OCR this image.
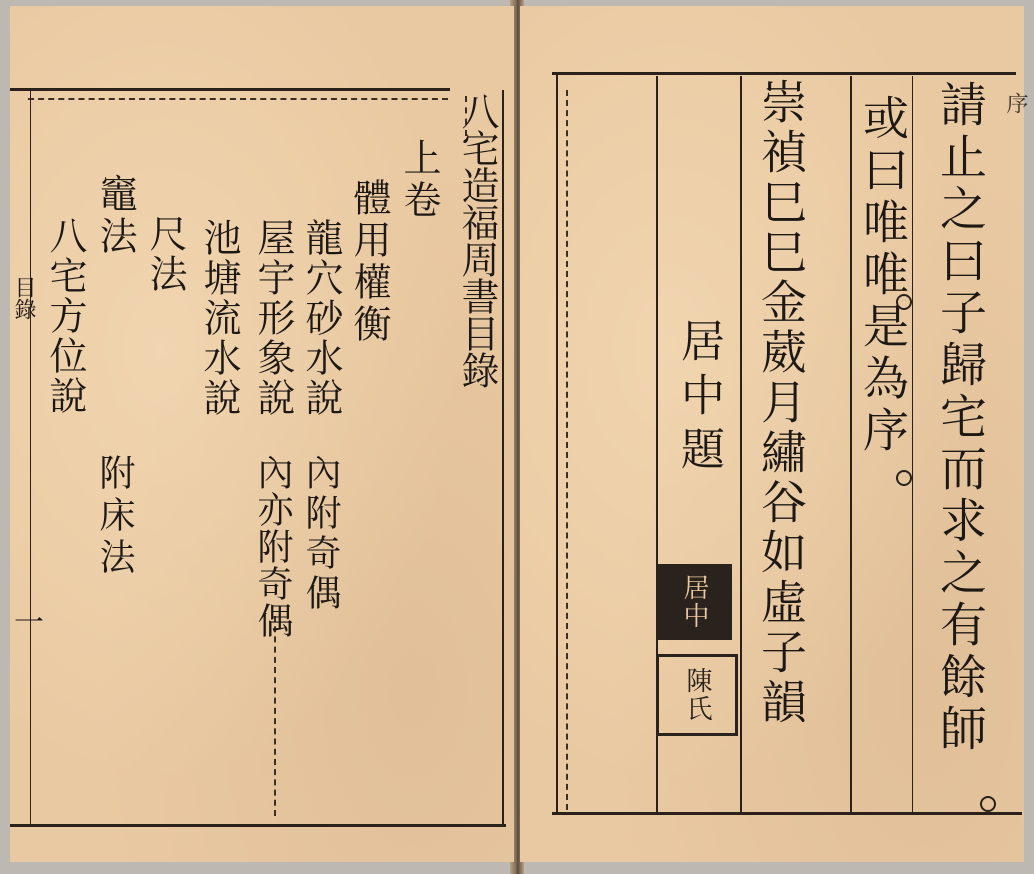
目錄
一
八宅造福周書目錄
上卷
體用權衡
龍穴砂水說
內附奇偶
屋宇形象說
內亦附奇偶
池塘流水說
尺法
竈法
附床法
八宅方位說
序
請止之曰子歸宅而求之有餘師
或曰唯唯是為序
崇禎巳巳金葳月繡谷如虛子韻
居中題
居中
陳氏
